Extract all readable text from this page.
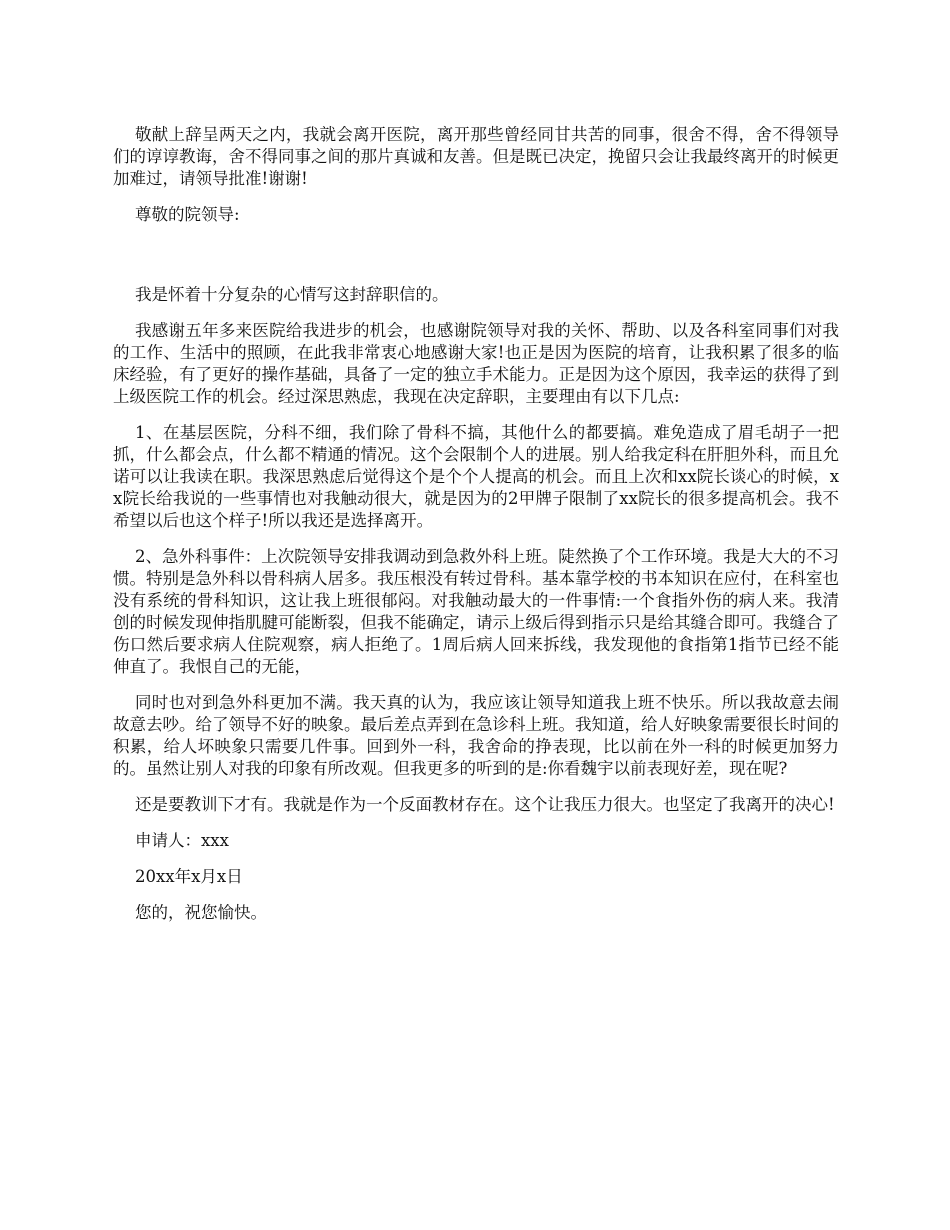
敬献上辞呈两天之内，我就会离开医院，离开那些曾经同甘共苦的同事，很舍不得，舍不得领导们的谆谆教诲，舍不得同事之间的那片真诚和友善。但是既已决定，挽留只会让我最终离开的时候更加难过，请领导批准!谢谢!

尊敬的院领导:

我是怀着十分复杂的心情写这封辞职信的。

我感谢五年多来医院给我进步的机会，也感谢院领导对我的关怀、帮助、以及各科室同事们对我的工作、生活中的照顾，在此我非常衷心地感谢大家!也正是因为医院的培育，让我积累了很多的临床经验，有了更好的操作基础，具备了一定的独立手术能力。正是因为这个原因，我幸运的获得了到上级医院工作的机会。经过深思熟虑，我现在决定辞职，主要理由有以下几点:

1、在基层医院，分科不细，我们除了骨科不搞，其他什么的都要搞。难免造成了眉毛胡子一把抓，什么都会点，什么都不精通的情况。这个会限制个人的进展。别人给我定科在肝胆外科，而且允诺可以让我读在职。我深思熟虑后觉得这个是个个人提高的机会。而且上次和xx院长谈心的时候，xx院长给我说的一些事情也对我触动很大，就是因为的2甲牌子限制了xx院长的很多提高机会。我不希望以后也这个样子!所以我还是选择离开。

2、急外科事件：上次院领导安排我调动到急救外科上班。陡然换了个工作环境。我是大大的不习惯。特别是急外科以骨科病人居多。我压根没有转过骨科。基本靠学校的书本知识在应付，在科室也没有系统的骨科知识，这让我上班很郁闷。对我触动最大的一件事情:一个食指外伤的病人来。我清创的时候发现伸指肌腱可能断裂，但我不能确定，请示上级后得到指示只是给其缝合即可。我缝合了伤口然后要求病人住院观察，病人拒绝了。1周后病人回来拆线，我发现他的食指第1指节已经不能伸直了。我恨自己的无能，

同时也对到急外科更加不满。我天真的认为，我应该让领导知道我上班不快乐。所以我故意去闹故意去吵。给了领导不好的映象。最后差点弄到在急诊科上班。我知道，给人好映象需要很长时间的积累，给人坏映象只需要几件事。回到外一科，我舍命的挣表现，比以前在外一科的时候更加努力的。虽然让别人对我的印象有所改观。但我更多的听到的是:你看魏宇以前表现好差，现在呢?

还是要教训下才有。我就是作为一个反面教材存在。这个让我压力很大。也坚定了我离开的决心!

申请人：xxx

20xx年x月x日

您的，祝您愉快。
